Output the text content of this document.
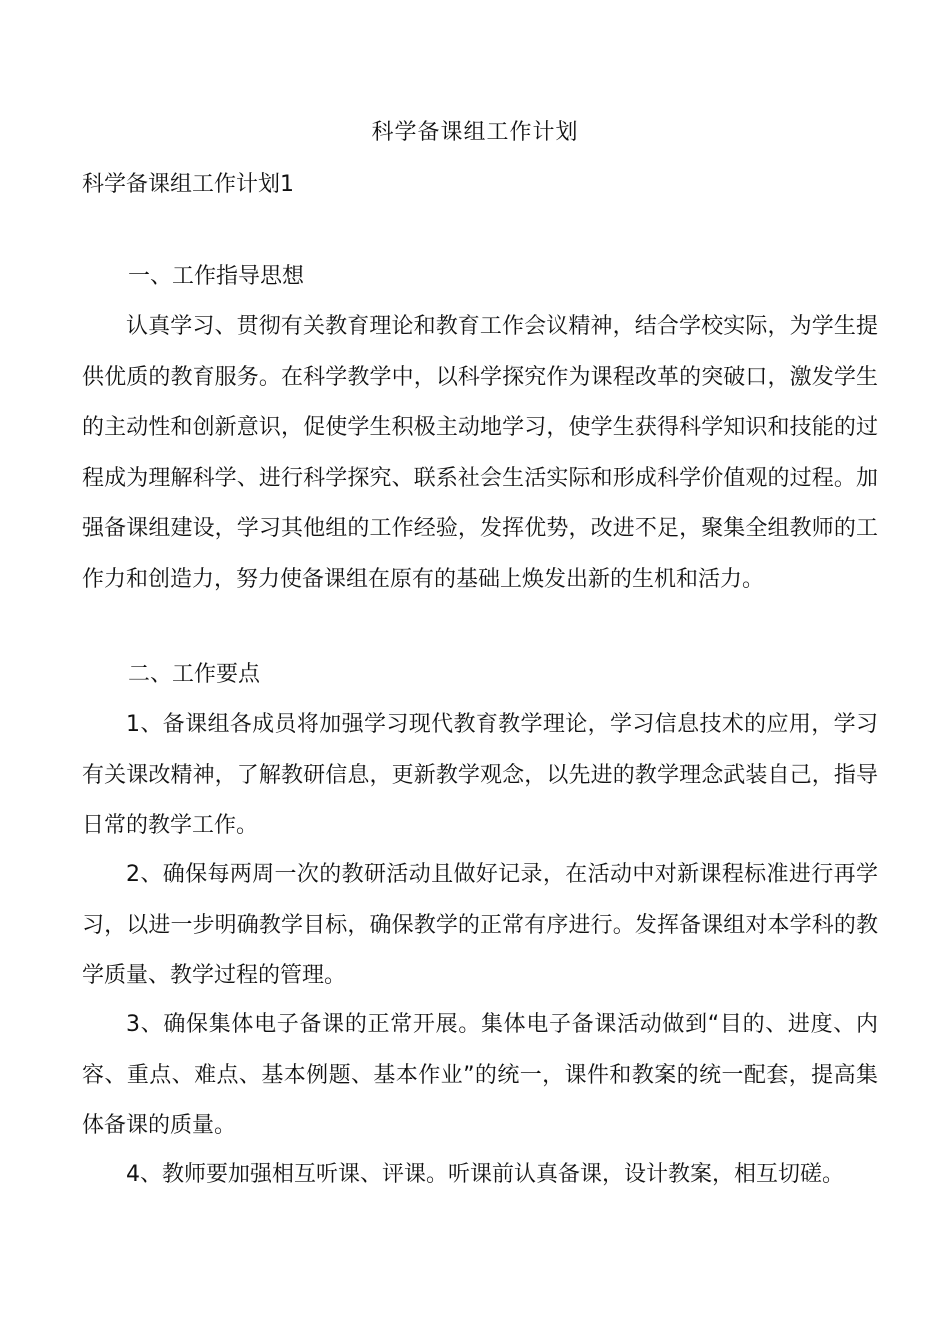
科学备课组工作计划
科学备课组工作计划1
一、工作指导思想

认真学习、贯彻有关教育理论和教育工作会议精神，结合学校实际，为学生提供优质的教育服务。在科学教学中，以科学探究作为课程改革的突破口，激发学生的主动性和创新意识，促使学生积极主动地学习，使学生获得科学知识和技能的过程成为理解科学、进行科学探究、联系社会生活实际和形成科学价值观的过程。加强备课组建设，学习其他组的工作经验，发挥优势，改进不足，聚集全组教师的工作力和创造力，努力使备课组在原有的基础上焕发出新的生机和活力。

二、工作要点

1、备课组各成员将加强学习现代教育教学理论，学习信息技术的应用，学习有关课改精神，了解教研信息，更新教学观念，以先进的教学理念武装自己，指导日常的教学工作。

2、确保每两周一次的教研活动且做好记录，在活动中对新课程标准进行再学习，以进一步明确教学目标，确保教学的正常有序进行。发挥备课组对本学科的教学质量、教学过程的管理。

3、确保集体电子备课的正常开展。集体电子备课活动做到“目的、进度、内容、重点、难点、基本例题、基本作业”的统一，课件和教案的统一配套，提高集体备课的质量。

4、教师要加强相互听课、评课。听课前认真备课，设计教案，相互切磋。
